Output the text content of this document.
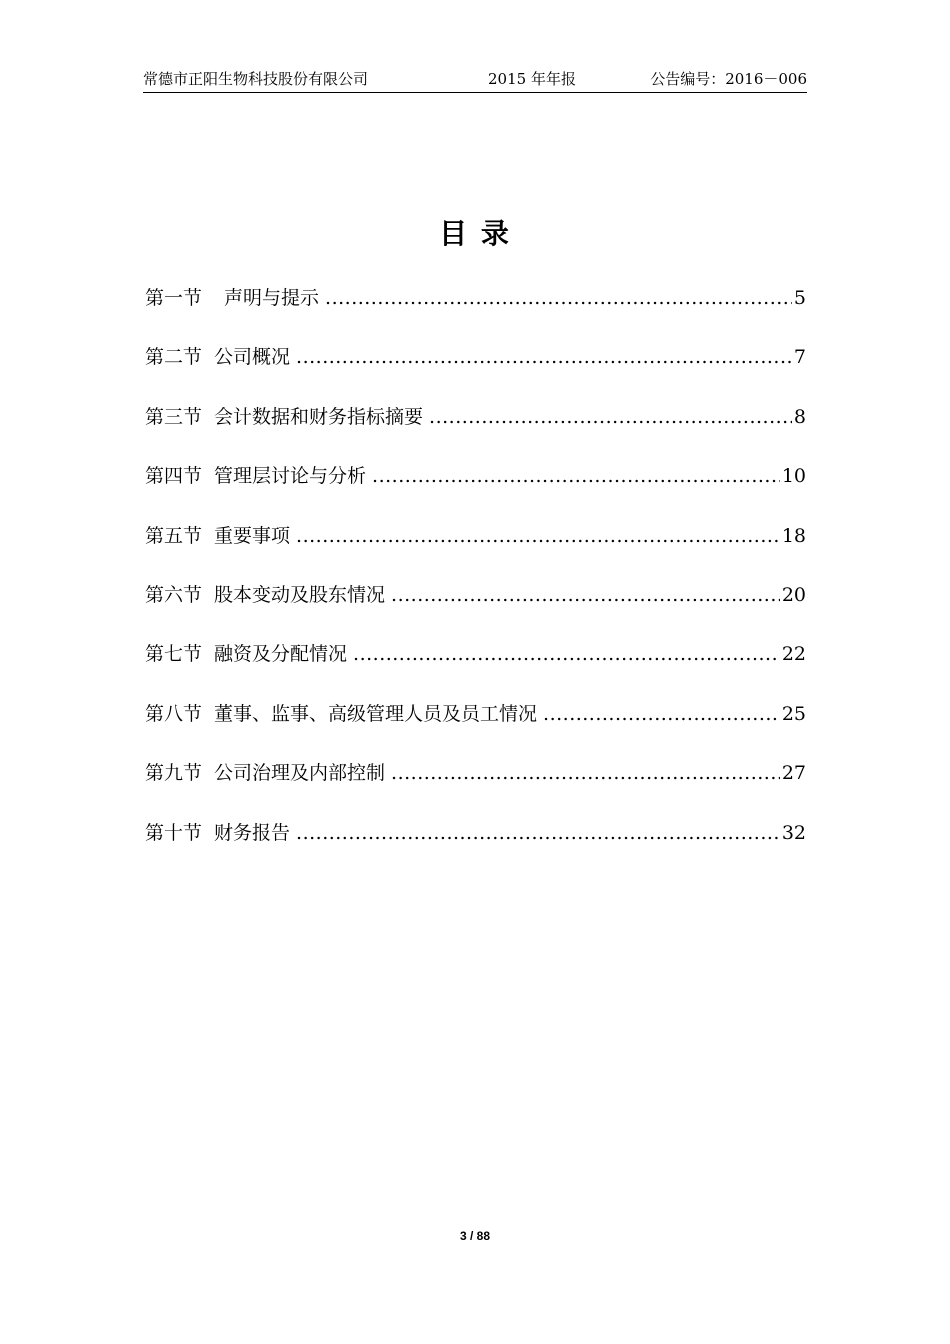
常德市正阳生物科技股份有限公司	2015 年年报	公告编号：2016－006
目 录
第一节 声明与提示 .....	5
第二节 公司概况 .....	7
第三节 会计数据和财务指标摘要 .....	8
第四节 管理层讨论与分析 .....	10
第五节 重要事项 .....	18
第六节 股本变动及股东情况 .....	20
第七节 融资及分配情况 .....	22
第八节 董事、监事、高级管理人员及员工情况 .....	25
第九节 公司治理及内部控制 .....	27
第十节 财务报告 .....	32
3 / 88
